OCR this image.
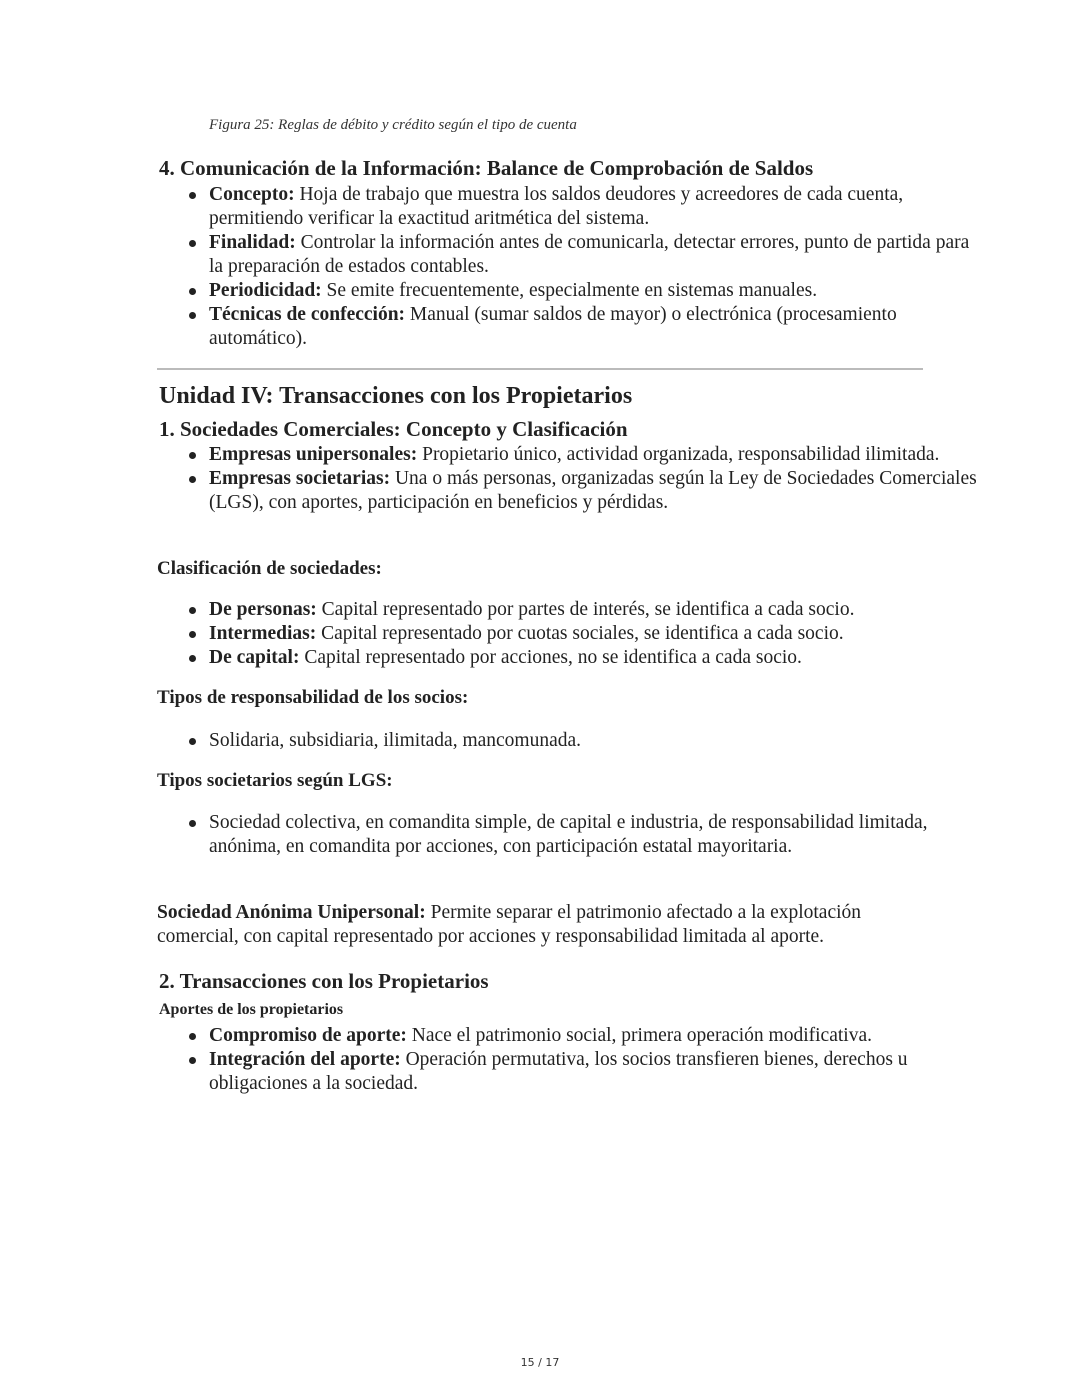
Figura 25: Reglas de débito y crédito según el tipo de cuenta
4. Comunicación de la Información: Balance de Comprobación de Saldos
Concepto: Hoja de trabajo que muestra los saldos deudores y acreedores de cada cuenta, permitiendo verificar la exactitud aritmética del sistema.
Finalidad: Controlar la información antes de comunicarla, detectar errores, punto de partida para la preparación de estados contables.
Periodicidad: Se emite frecuentemente, especialmente en sistemas manuales.
Técnicas de confección: Manual (sumar saldos de mayor) o electrónica (procesamiento automático).
Unidad IV: Transacciones con los Propietarios
1. Sociedades Comerciales: Concepto y Clasificación
Empresas unipersonales: Propietario único, actividad organizada, responsabilidad ilimitada.
Empresas societarias: Una o más personas, organizadas según la Ley de Sociedades Comerciales (LGS), con aportes, participación en beneficios y pérdidas.
Clasificación de sociedades:
De personas: Capital representado por partes de interés, se identifica a cada socio.
Intermedias: Capital representado por cuotas sociales, se identifica a cada socio.
De capital: Capital representado por acciones, no se identifica a cada socio.
Tipos de responsabilidad de los socios:
Solidaria, subsidiaria, ilimitada, mancomunada.
Tipos societarios según LGS:
Sociedad colectiva, en comandita simple, de capital e industria, de responsabilidad limitada, anónima, en comandita por acciones, con participación estatal mayoritaria.

Sociedad Anónima Unipersonal: Permite separar el patrimonio afectado a la explotación comercial, con capital representado por acciones y responsabilidad limitada al aporte.

2. Transacciones con los Propietarios
Aportes de los propietarios
Compromiso de aporte: Nace el patrimonio social, primera operación modificativa.
Integración del aporte: Operación permutativa, los socios transfieren bienes, derechos u obligaciones a la sociedad.
15 / 17
